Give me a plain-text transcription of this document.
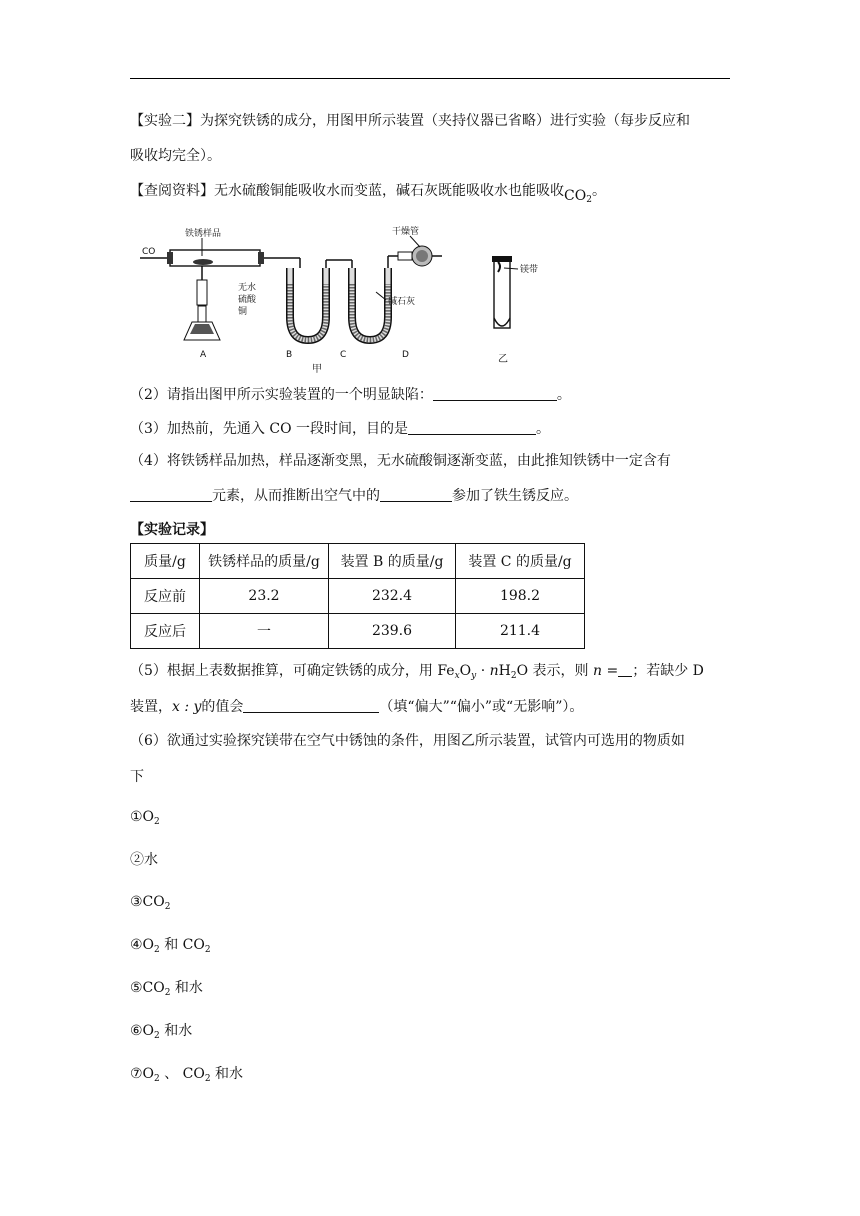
【实验二】为探究铁锈的成分，用图甲所示装置（夹持仪器已省略）进行实验（每步反应和
吸收均完全）。
【查阅资料】无水硫酸铜能吸收水而变蓝，碱石灰既能吸收水也能吸收$CO_2$。
CO
铁锈样品
A
无水
硫酸
铜
B	C
干燥管
碱石灰
D
甲
镁带
乙
（2）请指出图甲所示实验装置的一个明显缺陷：	。
（3）加热前，先通入 CO 一段时间，目的是	。
（4）将铁锈样品加热，样品逐渐变黑，无水硫酸铜逐渐变蓝，由此推知铁锈中一定含有
元素，从而推断出空气中的	参加了铁生锈反应。
【实验记录】
质量/g	铁锈样品的质量/g	装置 B 的质量/g	装置 C 的质量/g
反应前	23.2	232.4	198.2
反应后	一	239.6	211.4
（5）根据上表数据推算，可确定铁锈的成分，用 $Fe_xO_y \cdot nH_2O$ 表示，则 n = ；若缺少 D
装置，x : y的值会	（填“偏大”“偏小”或“无影响”）。
（6）欲通过实验探究镁带在空气中锈蚀的条件，用图乙所示装置，试管内可选用的物质如
下
$①O_2$
②水
$③CO_2$
$④O_2$ 和 $CO_2$
$⑤CO_2$ 和水
$⑥O_2$ 和水
$⑦O_2$ 、 $CO_2$ 和水
